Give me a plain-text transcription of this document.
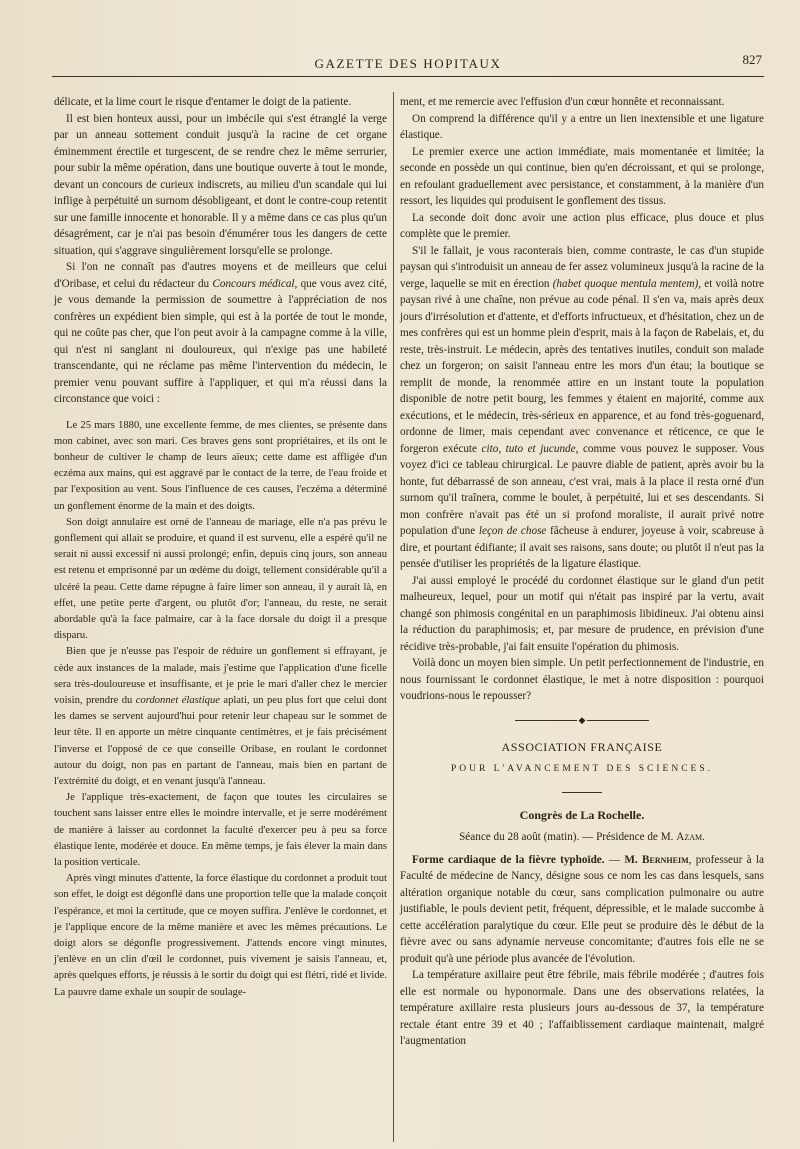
GAZETTE DES HOPITAUX	827

délicate, et la lime court le risque d'entamer le doigt de la patiente.

Il est bien honteux aussi, pour un imbécile qui s'est étranglé la verge par un anneau sottement conduit jusqu'à la racine de cet organe éminemment érectile et turgescent, de se rendre chez le même serrurier, pour subir la même opération, dans une boutique ouverte à tout le monde, devant un concours de curieux indiscrets, au milieu d'un scandale qui lui inflige à perpétuité un surnom désobligeant, et dont le contre-coup retentit sur une famille innocente et honorable. Il y a même dans ce cas plus qu'un désagrément, car je n'ai pas besoin d'énumérer tous les dangers de cette situation, qui s'aggrave singulièrement lorsqu'elle se prolonge.

Si l'on ne connaît pas d'autres moyens et de meilleurs que celui d'Oribase, et celui du rédacteur du Concours médical, que vous avez cité, je vous demande la permission de soumettre à l'appréciation de nos confrères un expédient bien simple, qui est à la portée de tout le monde, qui ne coûte pas cher, que l'on peut avoir à la campagne comme à la ville, qui n'est ni sanglant ni douloureux, qui n'exige pas une habileté transcendante, qui ne réclame pas même l'intervention du médecin, le premier venu pouvant suffire à l'appliquer, et qui m'a réussi dans la circonstance que voici :

Le 25 mars 1880, une excellente femme, de mes clientes, se présente dans mon cabinet, avec son mari. Ces braves gens sont propriétaires, et ils ont le bonheur de cultiver le champ de leurs aïeux; cette dame est affligée d'un eczéma aux mains, qui est aggravé par le contact de la terre, de l'eau froide et par l'exposition au vent. Sous l'influence de ces causes, l'eczéma a déterminé un gonflement énorme de la main et des doigts.

Son doigt annulaire est orné de l'anneau de mariage, elle n'a pas prévu le gonflement qui allait se produire, et quand il est survenu, elle a espéré qu'il ne serait ni aussi excessif ni aussi prolongé; enfin, depuis cinq jours, son anneau est retenu et emprisonné par un œdème du doigt, tellement considérable qu'il a ulcéré la peau. Cette dame répugne à faire limer son anneau, il y aurait là, en effet, une petite perte d'argent, ou plutôt d'or; l'anneau, du reste, ne serait abordable qu'à la face palmaire, car à la face dorsale du doigt il a presque disparu.

Bien que je n'eusse pas l'espoir de réduire un gonflement si effrayant, je cède aux instances de la malade, mais j'estime que l'application d'une ficelle sera très-douloureuse et insuffisante, et je prie le mari d'aller chez le mercier voisin, prendre du cordonnet élastique aplati, un peu plus fort que celui dont les dames se servent aujourd'hui pour retenir leur chapeau sur le sommet de leur tête. Il en apporte un mètre cinquante centimètres, et je fais précisément l'inverse et l'opposé de ce que conseille Oribase, en roulant le cordonnet autour du doigt, non pas en partant de l'anneau, mais bien en partant de l'extrémité du doigt, et en venant jusqu'à l'anneau.

Je l'applique très-exactement, de façon que toutes les circulaires se touchent sans laisser entre elles le moindre intervalle, et je serre modérément de manière à laisser au cordonnet la faculté d'exercer peu à peu sa force élastique lente, modérée et douce. En même temps, je fais élever la main dans la position verticale.

Après vingt minutes d'attente, la force élastique du cordonnet a produit tout son effet, le doigt est dégonflé dans une proportion telle que la malade conçoit l'espérance, et moi la certitude, que ce moyen suffira. J'enlève le cordonnet, et je l'applique encore de la même manière et avec les mêmes précautions. Le doigt alors se dégonfle progressivement. J'attends encore vingt minutes, j'enlève en un clin d'œil le cordonnet, puis vivement je saisis l'anneau, et, après quelques efforts, je réussis à le sortir du doigt qui est flétri, ridé et livide. La pauvre dame exhale un soupir de soulage-

ment, et me remercie avec l'effusion d'un cœur honnête et reconnaissant.

On comprend la différence qu'il y a entre un lien inextensible et une ligature élastique.

Le premier exerce une action immédiate, mais momentanée et limitée; la seconde en possède un qui continue, bien qu'en décroissant, et qui se prolonge, en refoulant graduellement avec persistance, et constamment, à la manière d'un ressort, les liquides qui produisent le gonflement des tissus.

La seconde doit donc avoir une action plus efficace, plus douce et plus complète que le premier.

S'il le fallait, je vous raconterais bien, comme contraste, le cas d'un stupide paysan qui s'introduisit un anneau de fer assez volumineux jusqu'à la racine de la verge, laquelle se mit en érection (habet quoque mentula mentem), et voilà notre paysan rivé à une chaîne, non prévue au code pénal. Il s'en va, mais après deux jours d'irrésolution et d'attente, et d'efforts infructueux, et d'hésitation, chez un de mes confrères qui est un homme plein d'esprit, mais à la façon de Rabelais, et, du reste, très-instruit. Le médecin, après des tentatives inutiles, conduit son malade chez un forgeron; on saisit l'anneau entre les mors d'un étau; la boutique se remplit de monde, la renommée attire en un instant toute la population disponible de notre petit bourg, les femmes y étaient en majorité, comme aux exécutions, et le médecin, très-sérieux en apparence, et au fond très-goguenard, ordonne de limer, mais cependant avec convenance et réticence, ce que le forgeron exécute cito, tuto et jucunde, comme vous pouvez le supposer. Vous voyez d'ici ce tableau chirurgical. Le pauvre diable de patient, après avoir bu la honte, fut débarrassé de son anneau, c'est vrai, mais à la place il resta orné d'un surnom qu'il traînera, comme le boulet, à perpétuité, lui et ses descendants. Si mon confrère n'avait pas été un si profond moraliste, il aurait privé notre population d'une leçon de chose fâcheuse à endurer, joyeuse à voir, scabreuse à dire, et pourtant édifiante; il avait ses raisons, sans doute; ou plutôt il n'eut pas la pensée d'utiliser les propriétés de la ligature élastique.

J'ai aussi employé le procédé du cordonnet élastique sur le gland d'un petit malheureux, lequel, pour un motif qui n'était pas inspiré par la vertu, avait changé son phimosis congénital en un paraphimosis libidineux. J'ai obtenu ainsi la réduction du paraphimosis; et, par mesure de prudence, en prévision d'une récidive très-probable, j'ai fait ensuite l'opération du phimosis.

Voilà donc un moyen bien simple. Un petit perfectionnement de l'industrie, en nous fournissant le cordonnet élastique, le met à notre disposition : pourquoi voudrions-nous le repousser?

◆
ASSOCIATION FRANÇAISE
POUR L'AVANCEMENT DES SCIENCES.
Congrès de La Rochelle.
Séance du 28 août (matin). — Présidence de M. Azam.

Forme cardiaque de la fièvre typhoïde. — M. Bernheim, professeur à la Faculté de médecine de Nancy, désigne sous ce nom les cas dans lesquels, sans altération organique notable du cœur, sans complication pulmonaire ou autre justifiable, le pouls devient petit, fréquent, dépressible, et le malade succombe à cette accélération paralytique du cœur. Elle peut se produire dès le début de la fièvre avec ou sans adynamie nerveuse concomitante; d'autres fois elle ne se produit qu'à une période plus avancée de l'évolution.

La température axillaire peut être fébrile, mais fébrile modérée ; d'autres fois elle est normale ou hyponormale. Dans une des observations relatées, la température axillaire resta plusieurs jours au-dessous de 37, la température rectale étant entre 39 et 40 ; l'affaiblissement cardiaque maintenait, malgré l'augmentation
